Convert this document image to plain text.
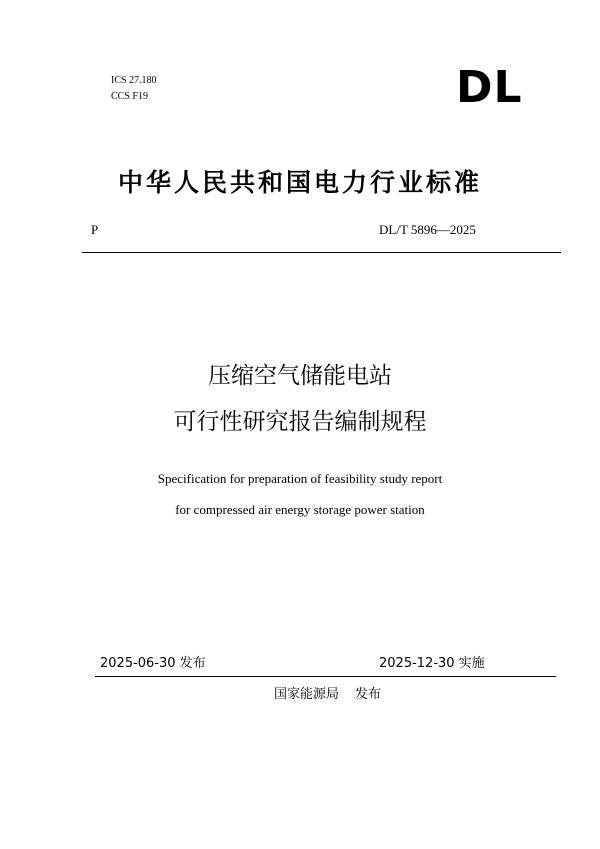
ICS 27.180
CCS F19	DL
中华人民共和国电力行业标准
P	DL/T 5896—2025
压缩空气储能电站
可行性研究报告编制规程
Specification for preparation of feasibility study report
for compressed air energy storage power station
2025-06-30 发布	2025-12-30 实施
国家能源局 发布
